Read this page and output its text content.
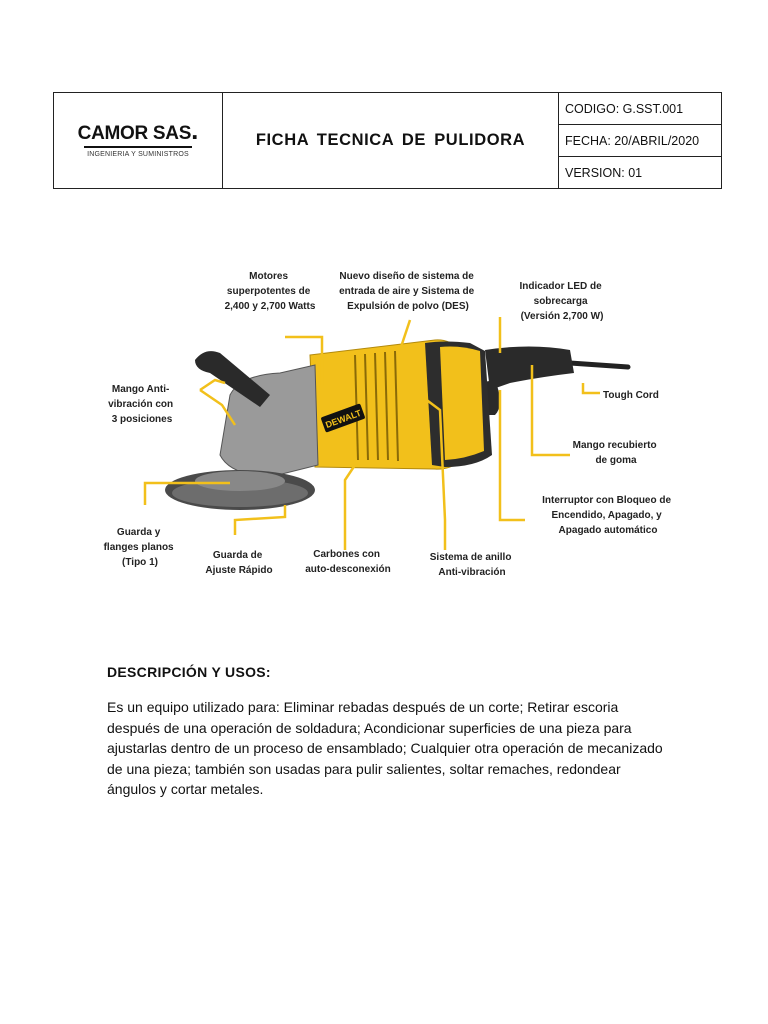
CAMOR SAS.
INGENIERIA Y SUMINISTROS
	FICHA TECNICA DE PULIDORA	CODIGO: G.SST.001
FECHA: 20/ABRIL/2020
VERSION: 01
DEWALT
Motores superpotentes de 2,400 y 2,700 Watts
Nuevo diseño de sistema de entrada de aire y Sistema de Expulsión de polvo (DES)
Indicador LED de sobrecarga (Versión 2,700 W)
Mango Anti- vibración con 3 posiciones
Tough Cord
Mango recubierto de goma
Interruptor con Bloqueo de Encendido, Apagado, y Apagado automático
Guarda y flanges planos (Tipo 1)
Guarda de Ajuste Rápido
Carbones con auto-desconexión
Sistema de anillo Anti-vibración
DESCRIPCIÓN Y USOS:
Es un equipo utilizado para: Eliminar rebadas después de un corte; Retirar escoria después de una operación de soldadura; Acondicionar superficies de una pieza para ajustarlas dentro de un proceso de ensamblado; Cualquier otra operación de mecanizado de una pieza; también son usadas para pulir salientes, soltar remaches, redondear ángulos y cortar metales.
